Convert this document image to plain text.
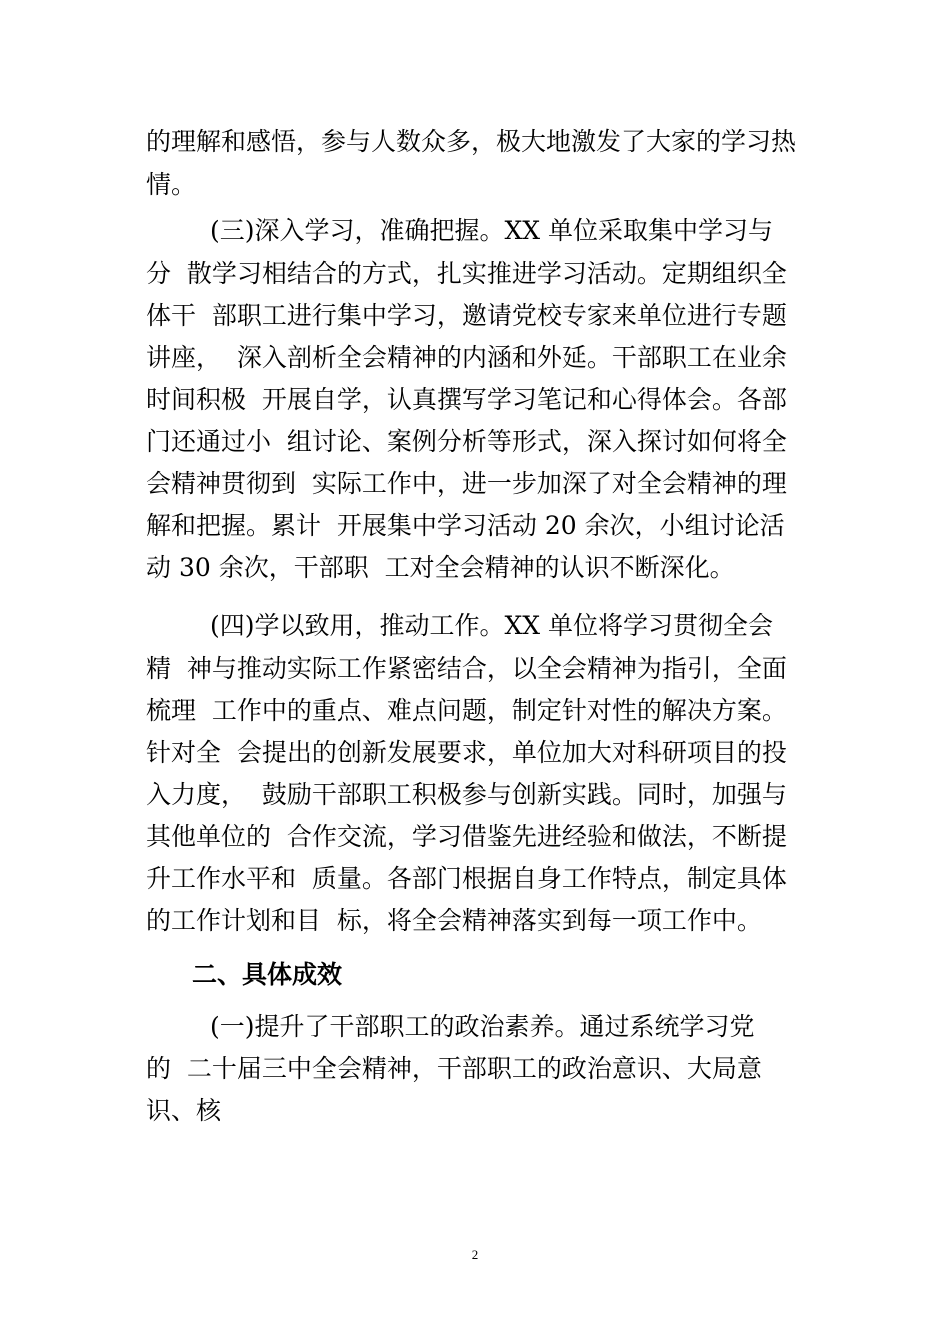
的理解和感悟，参与人数众多，极大地激发了大家的学习热
情。
(三)深入学习，准确把握。XX 单位采取集中学习与
分  散学习相结合的方式，扎实推进学习活动。定期组织全
体干  部职工进行集中学习，邀请党校专家来单位进行专题
讲座，  深入剖析全会精神的内涵和外延。干部职工在业余
时间积极  开展自学，认真撰写学习笔记和心得体会。各部
门还通过小  组讨论、案例分析等形式，深入探讨如何将全
会精神贯彻到  实际工作中，进一步加深了对全会精神的理
解和把握。累计  开展集中学习活动 20 余次，小组讨论活
动 30 余次，干部职  工对全会精神的认识不断深化。
(四)学以致用，推动工作。XX 单位将学习贯彻全会
精  神与推动实际工作紧密结合，以全会精神为指引，全面
梳理  工作中的重点、难点问题，制定针对性的解决方案。
针对全  会提出的创新发展要求，单位加大对科研项目的投
入力度，  鼓励干部职工积极参与创新实践。同时，加强与
其他单位的  合作交流，学习借鉴先进经验和做法，不断提
升工作水平和  质量。各部门根据自身工作特点，制定具体
的工作计划和目  标，将全会精神落实到每一项工作中。
二、具体成效
(一)提升了干部职工的政治素养。通过系统学习党
的  二十届三中全会精神，干部职工的政治意识、大局意
识、核
2
